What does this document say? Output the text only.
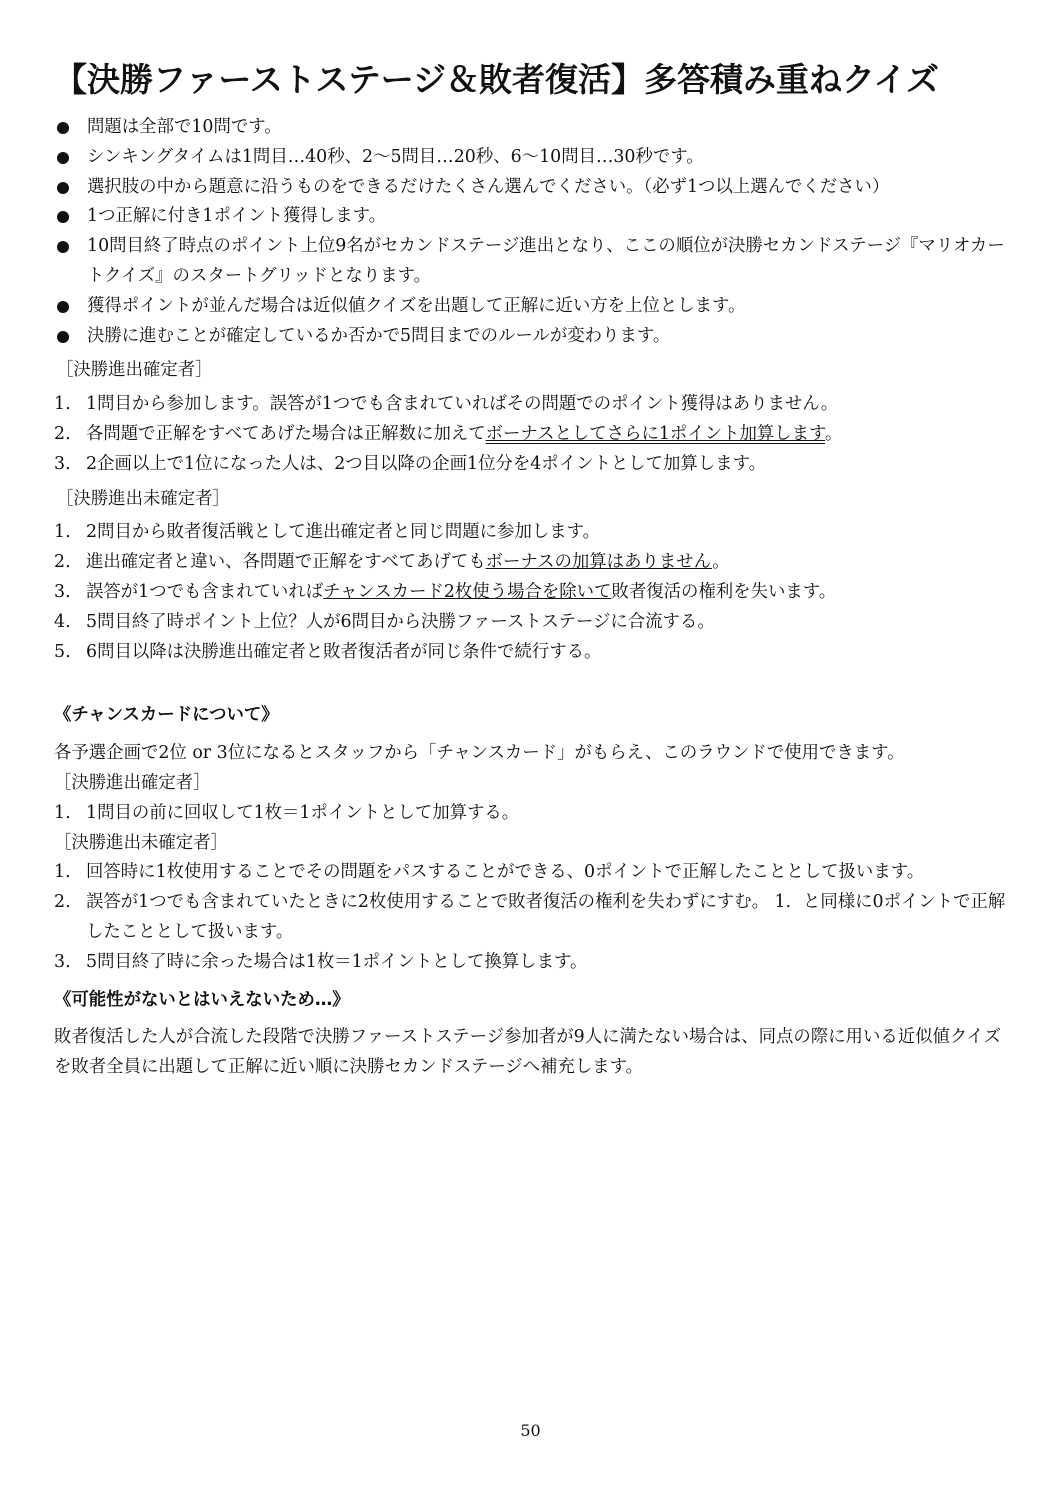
【決勝ファーストステージ＆敗者復活】多答積み重ねクイズ
問題は全部で10問です。
シンキングタイムは1問目…40秒、2～5問目…20秒、6～10問目…30秒です。
選択肢の中から題意に沿うものをできるだけたくさん選んでください。（必ず1つ以上選んでください）
1つ正解に付き1ポイント獲得します。
10問目終了時点のポイント上位9名がセカンドステージ進出となり、ここの順位が決勝セカンドステージ『マリオカートクイズ』のスタートグリッドとなります。
獲得ポイントが並んだ場合は近似値クイズを出題して正解に近い方を上位とします。
決勝に進むことが確定しているか否かで5問目までのルールが変わります。

［決勝進出確定者］

1. 1問目から参加します。誤答が1つでも含まれていればその問題でのポイント獲得はありません。
2. 各問題で正解をすべてあげた場合は正解数に加えてボーナスとしてさらに1ポイント加算します。
3. 2企画以上で1位になった人は、2つ目以降の企画1位分を4ポイントとして加算します。

［決勝進出未確定者］

1. 2問目から敗者復活戦として進出確定者と同じ問題に参加します。
2. 進出確定者と違い、各問題で正解をすべてあげてもボーナスの加算はありません。
3. 誤答が1つでも含まれていればチャンスカード2枚使う場合を除いて敗者復活の権利を失います。
4. 5問目終了時ポイント上位？人が6問目から決勝ファーストステージに合流する。
5. 6問目以降は決勝進出確定者と敗者復活者が同じ条件で続行する。

《チャンスカードについて》

各予選企画で2位 or 3位になるとスタッフから「チャンスカード」がもらえ、このラウンドで使用できます。

［決勝進出確定者］

1. 1問目の前に回収して1枚＝1ポイントとして加算する。

［決勝進出未確定者］

1. 回答時に1枚使用することでその問題をパスすることができる、0ポイントで正解したこととして扱います。
2. 誤答が1つでも含まれていたときに2枚使用することで敗者復活の権利を失わずにすむ。 1．と同様に0ポイントで正解したこととして扱います。
3. 5問目終了時に余った場合は1枚＝1ポイントとして換算します。

《可能性がないとはいえないため…》

敗者復活した人が合流した段階で決勝ファーストステージ参加者が9人に満たない場合は、同点の際に用いる近似値クイズを敗者全員に出題して正解に近い順に決勝セカンドステージへ補充します。

50
